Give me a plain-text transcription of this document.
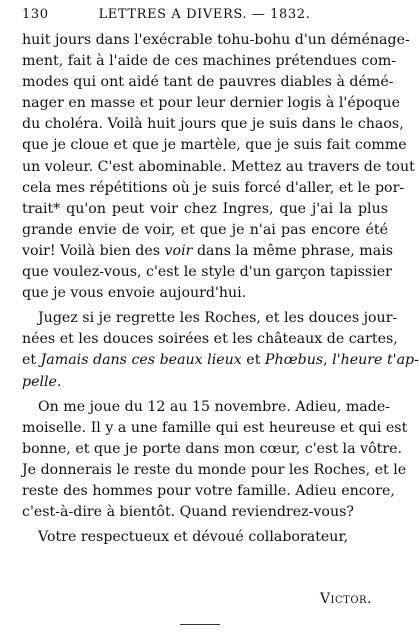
130	LETTRES A DIVERS. — 1832.
huit jours dans l'exécrable tohu-bohu d'un déménage-
ment, fait à l'aide de ces machines prétendues com-
modes qui ont aidé tant de pauvres diables à démé-
nager en masse et pour leur dernier logis à l'époque
du choléra. Voilà huit jours que je suis dans le chaos,
que je cloue et que je martèle, que je suis fait comme
un voleur. C'est abominable. Mettez au travers de tout
cela mes répétitions où je suis forcé d'aller, et le por-
trait* qu'on peut voir chez Ingres, que j'ai la plus
grande envie de voir, et que je n'ai pas encore été
voir! Voilà bien des voir dans la même phrase, mais
que voulez-vous, c'est le style d'un garçon tapissier
que je vous envoie aujourd'hui.
Jugez si je regrette les Roches, et les douces jour-
nées et les douces soirées et les châteaux de cartes,
et Jamais dans ces beaux lieux et Phœbus, l'heure t'ap-
pelle.
On me joue du 12 au 15 novembre. Adieu, made-
moiselle. Il y a une famille qui est heureuse et qui est
bonne, et que je porte dans mon cœur, c'est la vôtre.
Je donnerais le reste du monde pour les Roches, et le
reste des hommes pour votre famille. Adieu encore,
c'est-à-dire à bientôt. Quand reviendrez-vous?
Votre respectueux et dévoué collaborateur,
Victor.
